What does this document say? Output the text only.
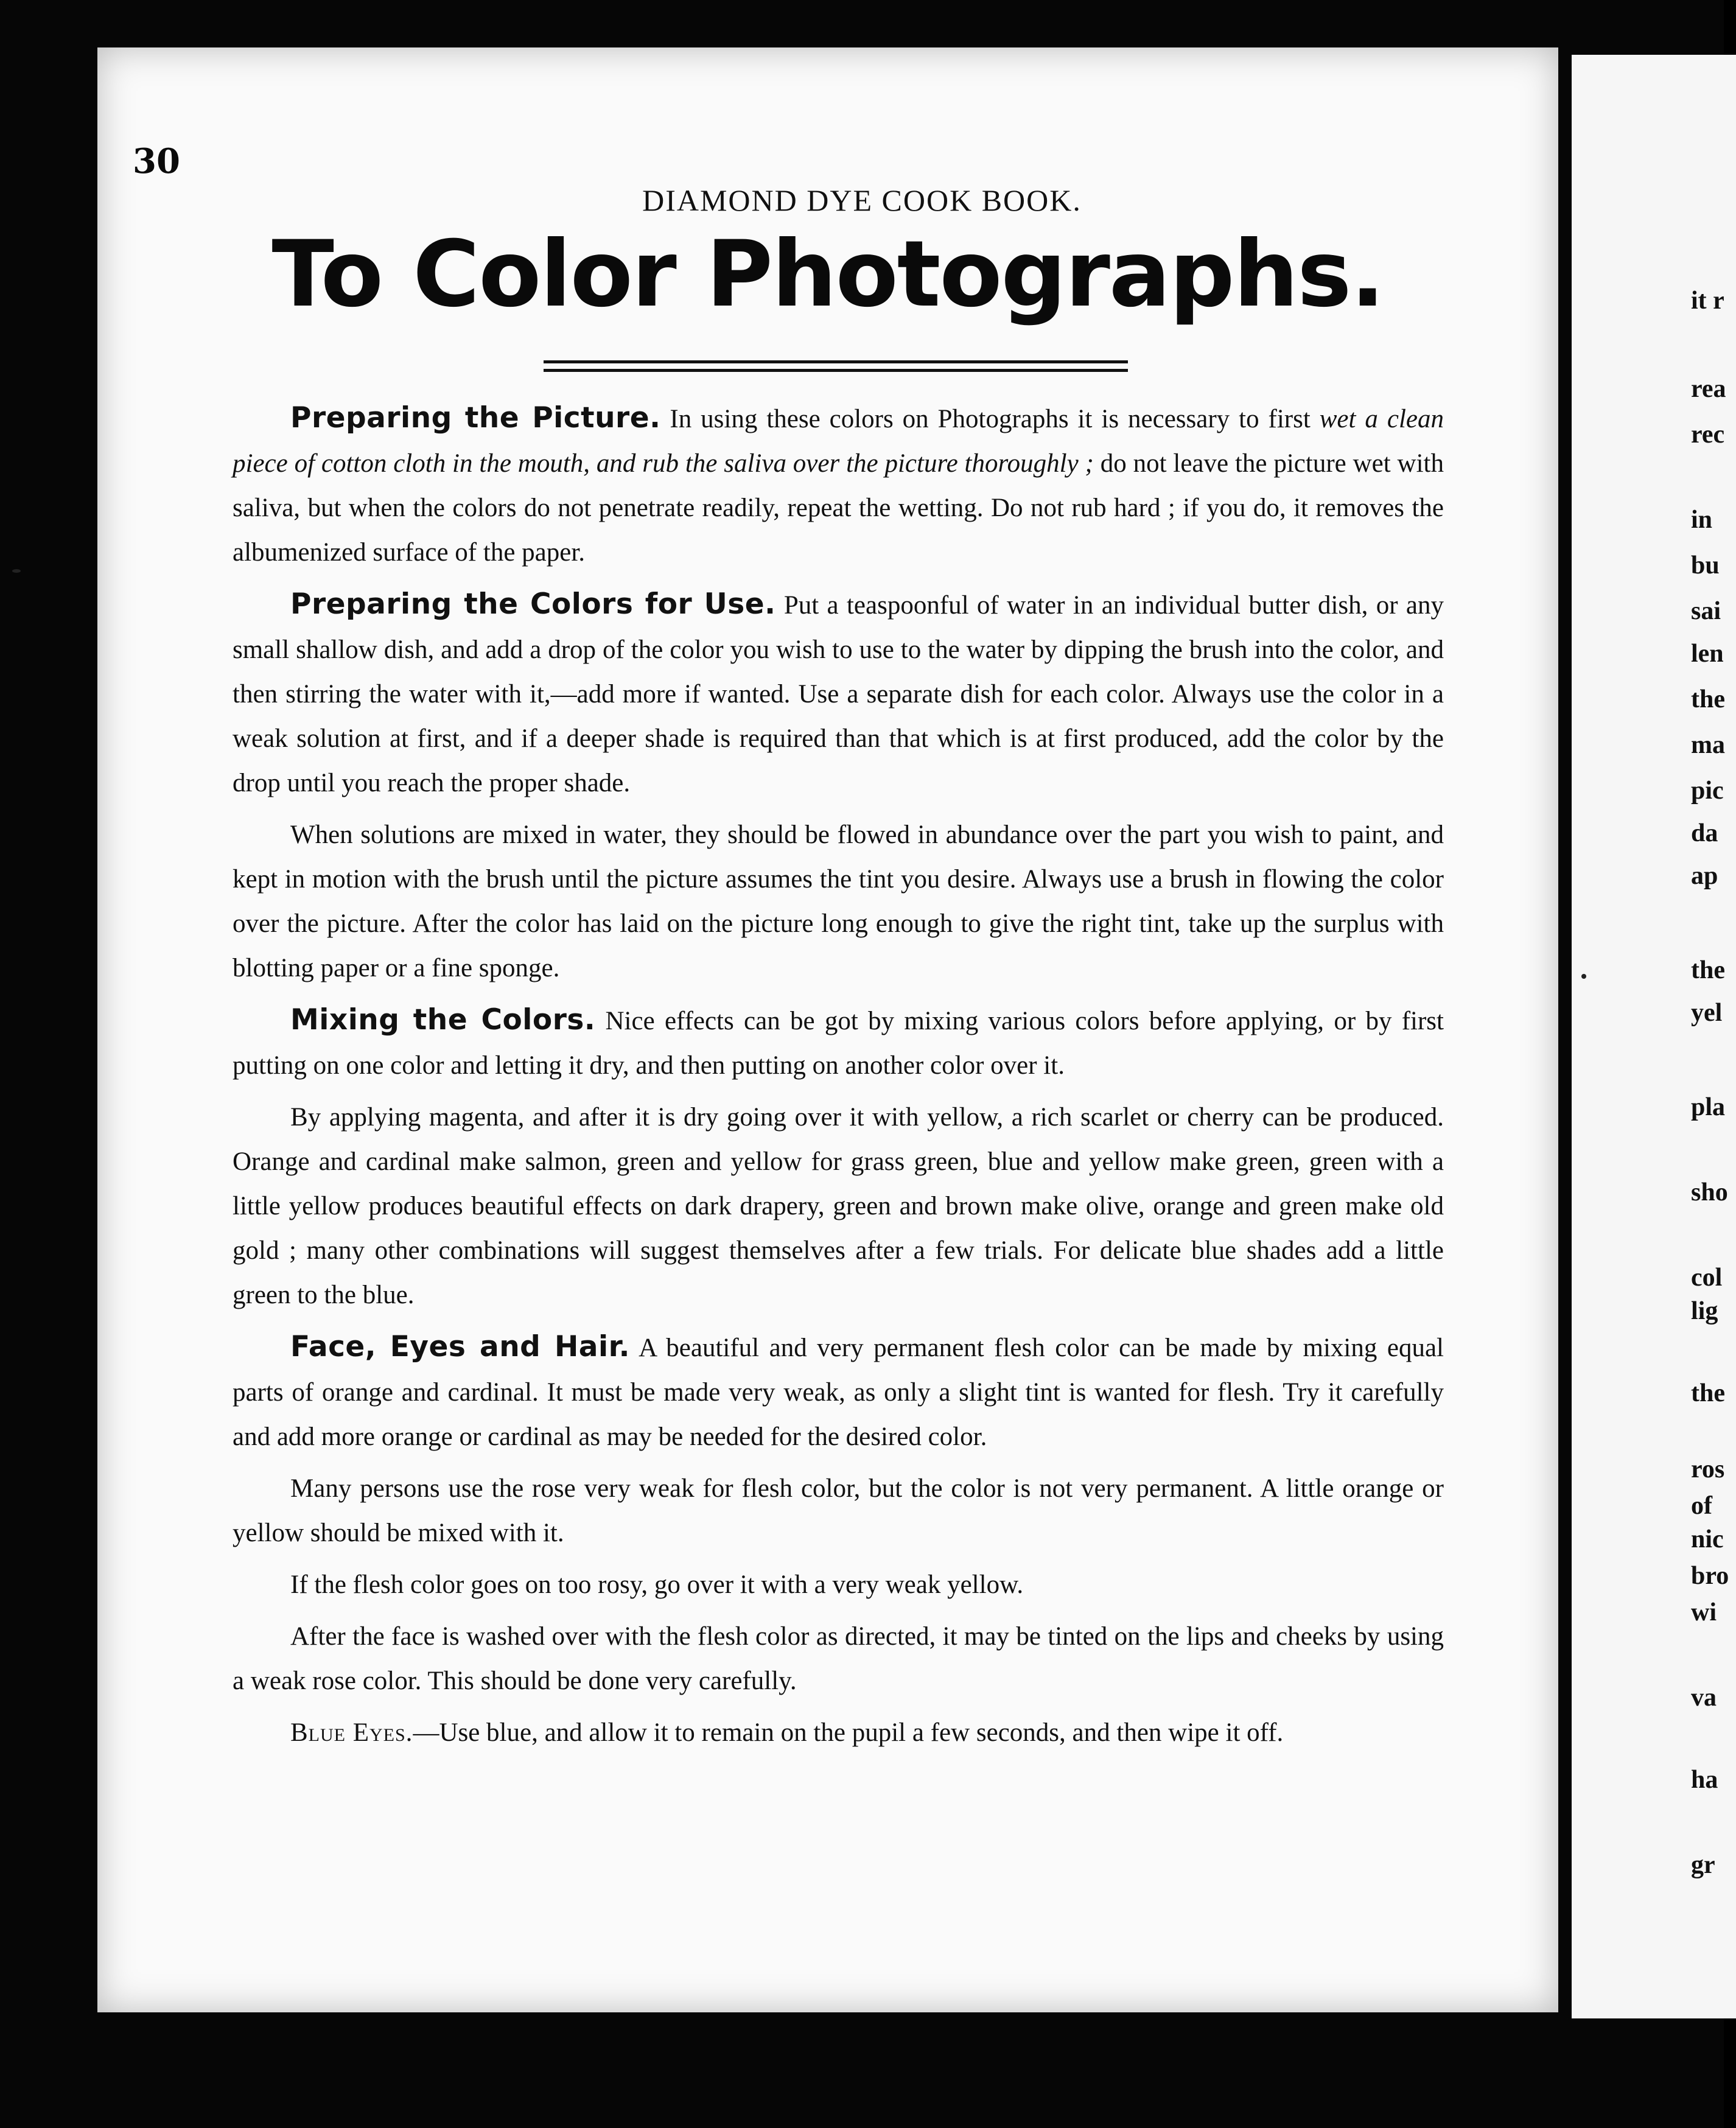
30
DIAMOND DYE COOK BOOK.
To Color Photographs.

Preparing the Picture. In using these colors on Photographs it is necessary to first wet a clean piece of cotton cloth in the mouth, and rub the saliva over the picture thoroughly ; do not leave the picture wet with saliva, but when the colors do not penetrate readily, repeat the wetting. Do not rub hard ; if you do, it removes the albumenized surface of the paper.

Preparing the Colors for Use. Put a teaspoonful of water in an individual butter dish, or any small shallow dish, and add a drop of the color you wish to use to the water by dipping the brush into the color, and then stirring the water with it,—add more if wanted. Use a separate dish for each color. Always use the color in a weak solution at first, and if a deeper shade is required than that which is at first produced, add the color by the drop until you reach the proper shade.

When solutions are mixed in water, they should be flowed in abundance over the part you wish to paint, and kept in motion with the brush until the picture assumes the tint you desire. Always use a brush in flowing the color over the picture. After the color has laid on the picture long enough to give the right tint, take up the surplus with blotting paper or a fine sponge.

Mixing the Colors. Nice effects can be got by mixing various colors before applying, or by first putting on one color and letting it dry, and then putting on another color over it.

By applying magenta, and after it is dry going over it with yellow, a rich scarlet or cherry can be produced. Orange and cardinal make salmon, green and yellow for grass green, blue and yellow make green, green with a little yellow produces beautiful effects on dark drapery, green and brown make olive, orange and green make old gold ; many other combinations will suggest themselves after a few trials. For delicate blue shades add a little green to the blue.

Face, Eyes and Hair. A beautiful and very permanent flesh color can be made by mixing equal parts of orange and cardinal. It must be made very weak, as only a slight tint is wanted for flesh. Try it carefully and add more orange or cardinal as may be needed for the desired color.

Many persons use the rose very weak for flesh color, but the color is not very permanent. A little orange or yellow should be mixed with it.

If the flesh color goes on too rosy, go over it with a very weak yellow.

After the face is washed over with the flesh color as directed, it may be tinted on the lips and cheeks by using a weak rose color. This should be done very carefully.

Blue Eyes.—Use blue, and allow it to remain on the pupil a few seconds, and then wipe it off.

it r
rea
rec
in
bu
sai
len
the
ma
pic
da
ap
the
yel
pla
sho
col
lig
the
ros
of
nic
bro
wi
va
ha
gr
